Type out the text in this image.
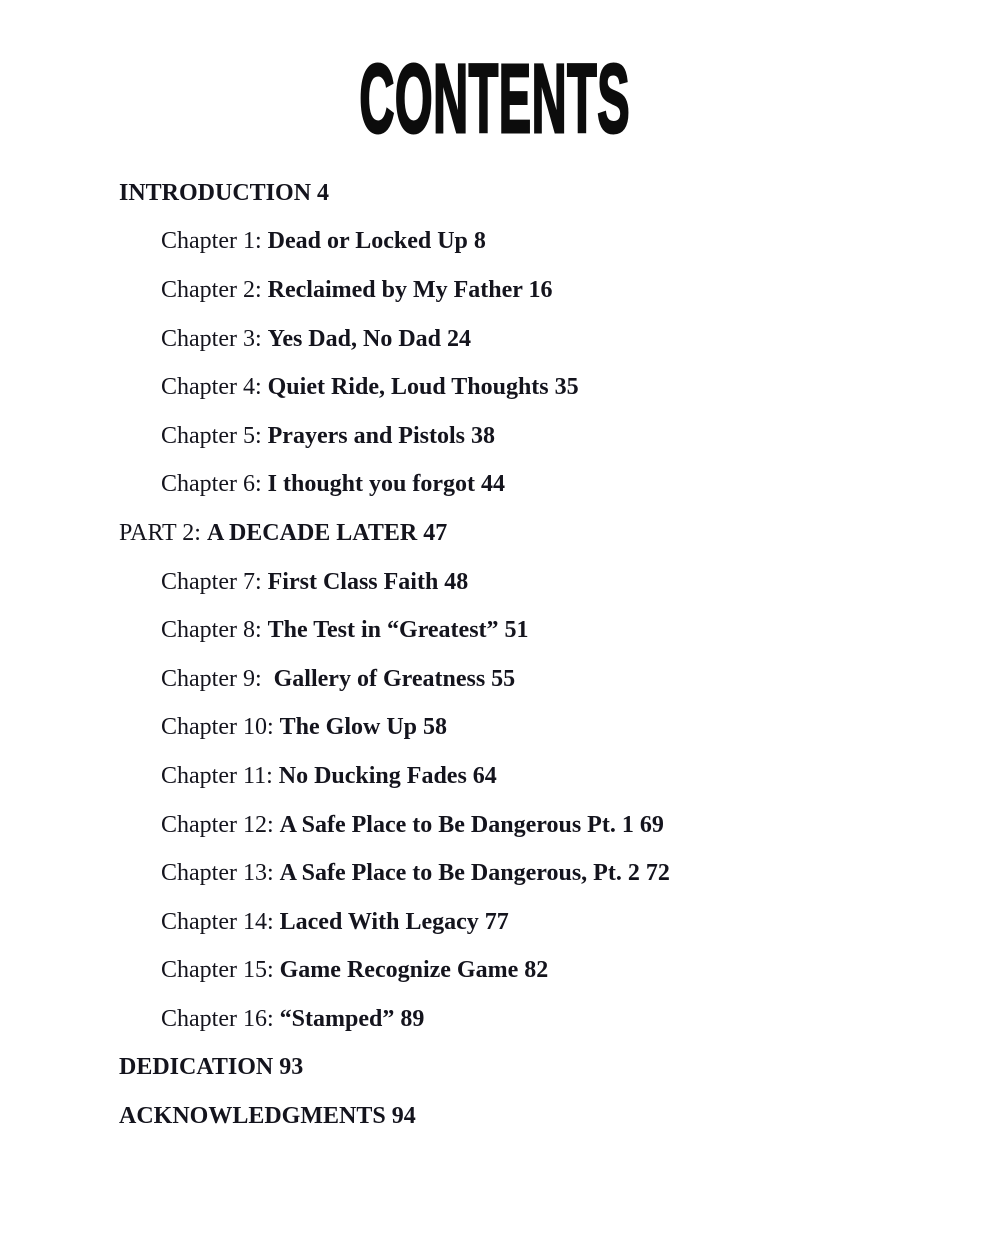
CONTENTS
INTRODUCTION 4
Chapter 1: Dead or Locked Up 8
Chapter 2: Reclaimed by My Father 16
Chapter 3: Yes Dad, No Dad 24
Chapter 4: Quiet Ride, Loud Thoughts 35
Chapter 5: Prayers and Pistols 38
Chapter 6: I thought you forgot 44
PART 2: A DECADE LATER 47
Chapter 7: First Class Faith 48
Chapter 8: The Test in “Greatest” 51
Chapter 9: Gallery of Greatness 55
Chapter 10: The Glow Up 58
Chapter 11: No Ducking Fades 64
Chapter 12: A Safe Place to Be Dangerous Pt. 1 69
Chapter 13: A Safe Place to Be Dangerous, Pt. 2 72
Chapter 14: Laced With Legacy 77
Chapter 15: Game Recognize Game 82
Chapter 16: “Stamped” 89
DEDICATION 93
ACKNOWLEDGMENTS 94
